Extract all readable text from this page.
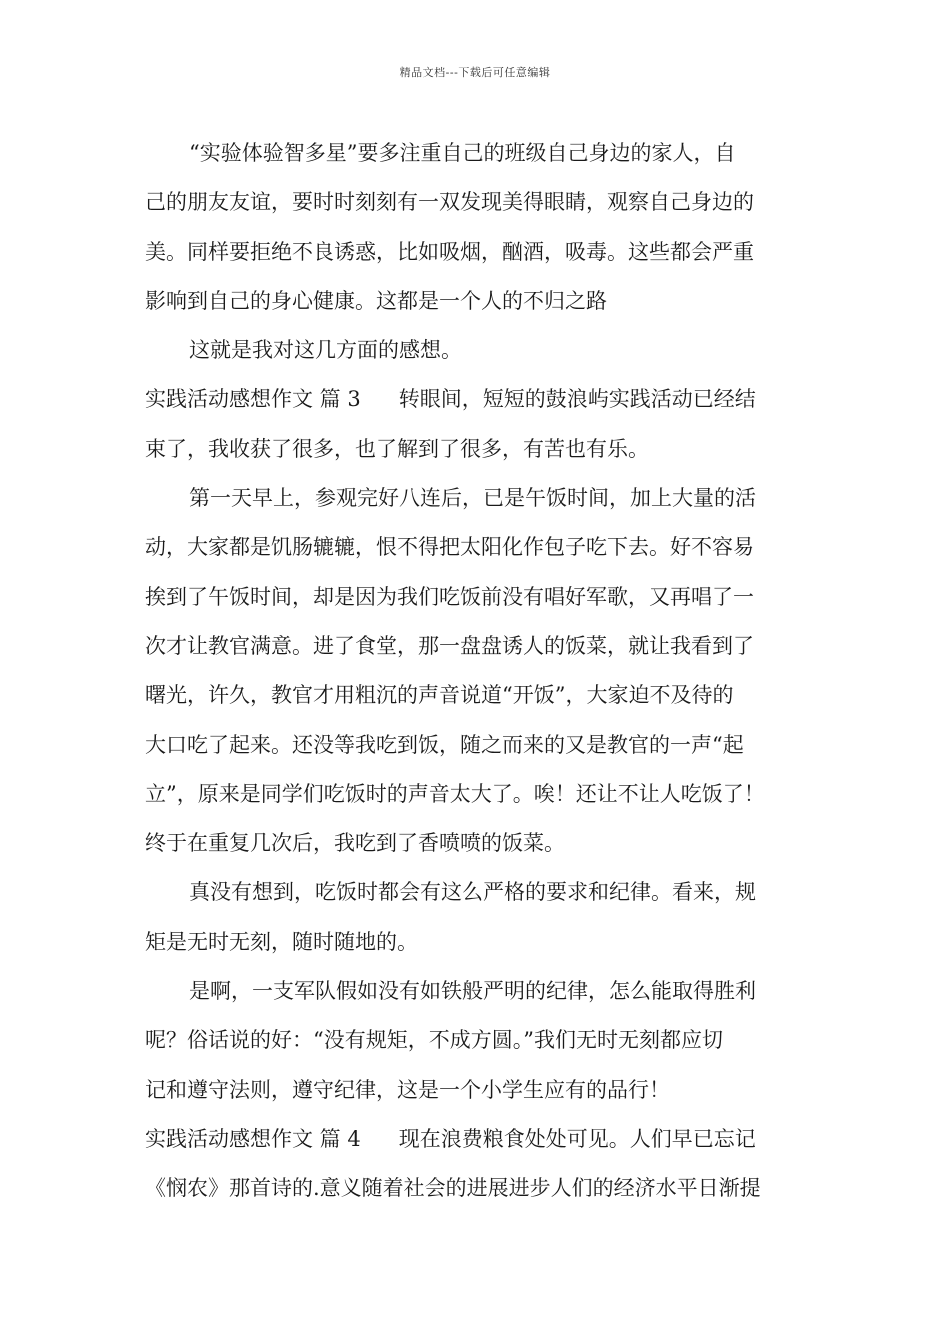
精品文档---下载后可任意编辑
“实验体验智多星”要多注重自己的班级自己身边的家人，自
己的朋友友谊，要时时刻刻有一双发现美得眼睛，观察自己身边的
美。同样要拒绝不良诱惑，比如吸烟，酗酒，吸毒。这些都会严重
影响到自己的身心健康。这都是一个人的不归之路
这就是我对这几方面的感想。
实践活动感想作文 篇 3 转眼间，短短的鼓浪屿实践活动已经结
束了，我收获了很多，也了解到了很多，有苦也有乐。
第一天早上，参观完好八连后，已是午饭时间，加上大量的活
动，大家都是饥肠辘辘，恨不得把太阳化作包子吃下去。好不容易
挨到了午饭时间，却是因为我们吃饭前没有唱好军歌，又再唱了一
次才让教官满意。进了食堂，那一盘盘诱人的饭菜，就让我看到了
曙光，许久，教官才用粗沉的声音说道“开饭”，大家迫不及待的
大口吃了起来。还没等我吃到饭，随之而来的又是教官的一声“起
立”，原来是同学们吃饭时的声音太大了。唉！还让不让人吃饭了！
终于在重复几次后，我吃到了香喷喷的饭菜。
真没有想到，吃饭时都会有这么严格的要求和纪律。看来，规
矩是无时无刻，随时随地的。
是啊，一支军队假如没有如铁般严明的纪律，怎么能取得胜利
呢？俗话说的好：“没有规矩，不成方圆。”我们无时无刻都应切
记和遵守法则，遵守纪律，这是一个小学生应有的品行！
实践活动感想作文 篇 4 现在浪费粮食处处可见。人们早已忘记
《悯农》那首诗的.意义随着社会的进展进步人们的经济水平日渐提
